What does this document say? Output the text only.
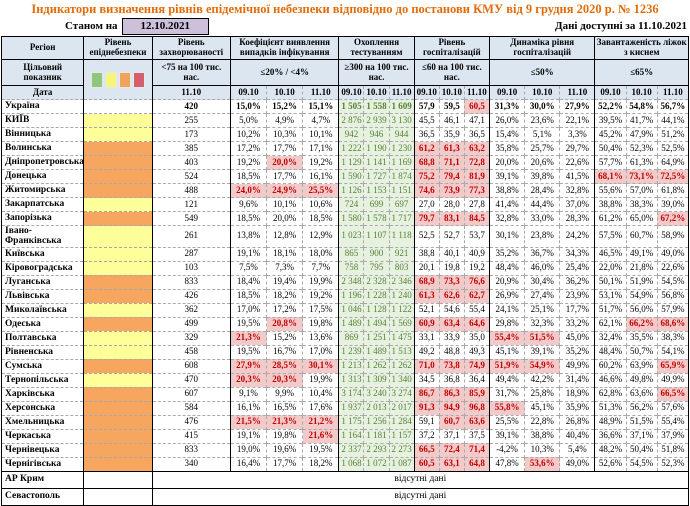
Індикатори визначення рівнів епідемічної небезпеки відповідно до постанови КМУ від 9 грудня 2020 р. № 1236
Станом на	12.10.2021	Дані доступні за 11.10.2021
Регіон	Рівень епіднебезпеки	Рівень захворюваності	Коефіцієнт виявлення випадків інфікування			Охоплення тестуванням			Рівень госпіталізацій			Динаміка рівня госпіталізацій			Завантаженість ліжок з киснем		
Цільовий показник		<75 на 100 тис. нас.	≤20% / <4%			≥300 на 100 тис. нас.			≤60 на 100 тис. нас.			≤50%			≤65%		
Дата		11.10	09.10	10.10	11.10	09.10	10.10	11.10	09.10	10.10	11.10	09.10	10.10	11.10	09.10	10.10	11.10
Україна		420	15,0%	15,2%	15,1%	1 505	1 558	1 609	57,9	59,5	60,5	31,3%	30,0%	27,9%	52,2%	54,8%	56,7%
КИЇВ		255	5,0%	4,9%	4,7%	2 876	2 939	3 130	45,5	46,1	47,1	26,0%	23,6%	22,1%	39,5%	41,7%	44,1%
Вінницька		173	10,2%	10,3%	10,1%	942	946	944	36,5	35,9	36,5	15,4%	5,1%	3,3%	45,2%	47,9%	51,2%
Волинська		385	17,2%	17,7%	17,1%	1 222	1 190	1 230	61,2	61,3	63,2	35,8%	25,7%	29,7%	50,4%	52,3%	52,5%
Дніпропетровська		403	19,2%	20,0%	19,2%	1 129	1 141	1 169	68,8	71,1	72,8	20,0%	20,6%	22,6%	57,7%	61,3%	64,9%
Донецька		524	18,5%	17,7%	16,1%	1 590	1 727	1 874	75,2	79,4	81,9	39,1%	39,8%	41,5%	68,1%	73,1%	72,5%
Житомирська		488	24,0%	24,9%	25,5%	1 126	1 153	1 151	74,6	73,9	77,3	38,8%	28,4%	32,8%	55,6%	57,0%	61,8%
Закарпатська		121	9,6%	10,1%	10,6%	724	699	697	27,0	28,0	27,8	41,4%	44,4%	37,0%	38,8%	38,3%	39,0%
Запорізька		549	18,5%	20,0%	18,5%	1 580	1 578	1 717	79,7	83,1	84,5	32,8%	33,0%	28,3%	61,2%	65,0%	67,2%
Івано-Франківська		261	13,8%	12,8%	12,9%	1 023	1 107	1 118	52,5	52,7	53,7	30,1%	23,8%	24,2%	57,5%	60,7%	58,9%
Київська		287	19,1%	18,1%	18,0%	865	900	921	38,8	40,1	40,9	35,2%	36,7%	34,3%	46,5%	49,1%	49,0%
Кіровоградська		103	7,5%	7,3%	7,7%	758	795	803	20,1	19,8	19,2	48,4%	46,0%	25,4%	22,0%	21,8%	22,6%
Луганська		833	18,4%	19,4%	19,9%	2 348	2 328	2 346	68,9	73,3	76,6	20,9%	30,4%	36,2%	50,1%	51,9%	54,5%
Львівська		426	18,5%	18,2%	19,2%	1 196	1 228	1 240	61,3	62,6	62,7	26,9%	27,4%	23,9%	53,1%	54,9%	56,8%
Миколаївська		362	17,0%	17,2%	17,5%	1 046	1 128	1 122	52,1	54,6	55,4	24,1%	25,1%	17,7%	51,7%	56,0%	57,9%
Одеська		499	19,5%	20,8%	19,8%	1 489	1 494	1 569	60,9	63,4	64,6	29,8%	32,3%	33,2%	62,1%	66,2%	68,6%
Полтавська		329	21,3%	15,2%	13,6%	869	1 251	1 475	33,1	33,9	35,0	55,4%	51,5%	45,0%	32,4%	35,5%	38,3%
Рівненська		458	19,5%	16,7%	17,0%	1 239	1 489	1 513	49,2	48,8	49,3	45,1%	39,1%	35,2%	48,4%	50,7%	54,1%
Сумська		608	27,9%	28,5%	30,1%	1 213	1 262	1 262	71,0	73,8	74,9	51,9%	54,9%	49,9%	60,2%	63,9%	65,9%
Тернопільська		470	20,3%	20,3%	19,9%	1 313	1 309	1 340	34,5	36,8	36,4	49,4%	42,2%	31,4%	46,6%	49,8%	49,9%
Харківська		607	9,1%	9,9%	10,4%	3 174	3 240	3 274	86,7	86,3	85,9	31,7%	25,8%	18,9%	62,8%	63,6%	66,5%
Херсонська		584	16,1%	16,5%	17,6%	1 937	2 013	2 017	91,3	94,9	96,8	55,8%	45,1%	35,9%	51,3%	56,2%	57,6%
Хмельницька		476	21,5%	21,3%	21,2%	1 175	1 256	1 284	59,1	60,7	63,6	25,5%	22,8%	26,8%	48,9%	51,5%	55,4%
Черкаська		415	19,1%	19,8%	21,6%	1 164	1 181	1 157	37,2	37,1	37,5	39,1%	38,8%	40,4%	36,6%	37,1%	37,9%
Чернівецька		833	19,0%	19,6%	19,5%	2 337	2 293	2 273	66,5	72,4	71,4	-4,2%	10,3%	5,4%	48,2%	50,4%	51,8%
Чернігівська		340	16,4%	17,7%	18,2%	1 068	1 072	1 087	60,5	63,1	64,8	47,8%	53,6%	49,0%	52,6%	54,5%	52,3%
АР Крим		відсутні дані															
Севастополь		відсутні дані															
